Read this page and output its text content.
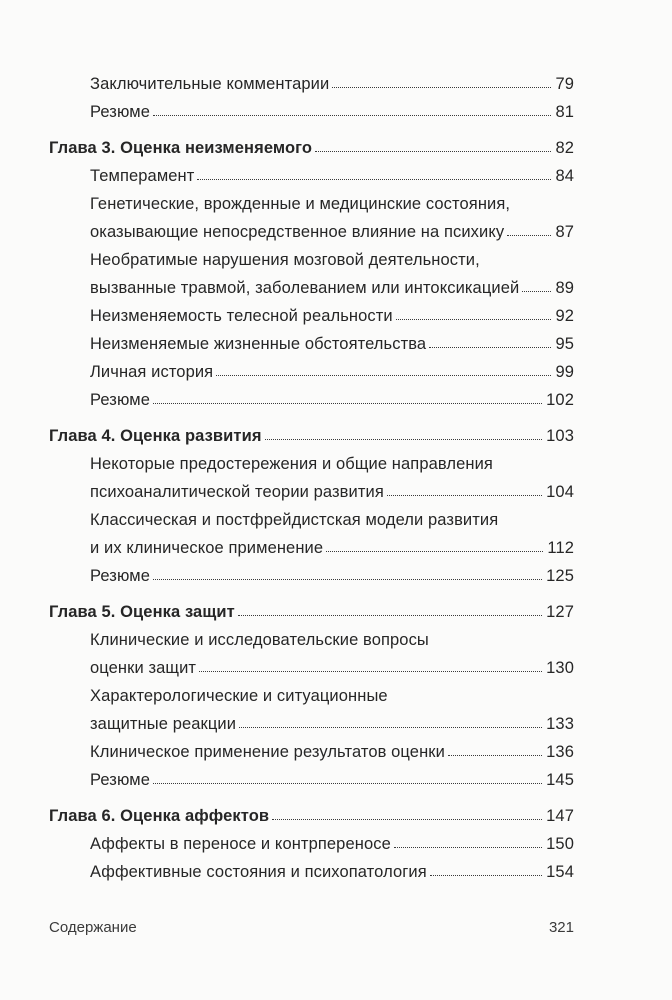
Заключительные комментарии	79
Резюме	81
Глава 3. Оценка неизменяемого	82
Темперамент	84
Генетические, врожденные и медицинские состояния,
оказывающие непосредственное влияние на психику	87
Необратимые нарушения мозговой деятельности,
вызванные травмой, заболеванием или интоксикацией 89
Неизменяемость телесной реальности	92
Неизменяемые жизненные обстоятельства	95
Личная история	99
Резюме	102
Глава 4. Оценка развития	103
Некоторые предостережения и общие направления
психоаналитической теории развития	104
Классическая и постфрейдистская модели развития
и их клиническое применение	112
Резюме	125
Глава 5. Оценка защит	127
Клинические и исследовательские вопросы
оценки защит	130
Характерологические и ситуационные
защитные реакции	133
Клиническое применение результатов оценки	136
Резюме	145
Глава 6. Оценка аффектов	147
Аффекты в переносе и контрпереносе	150
Аффективные состояния и психопатология	154
Содержание	321
